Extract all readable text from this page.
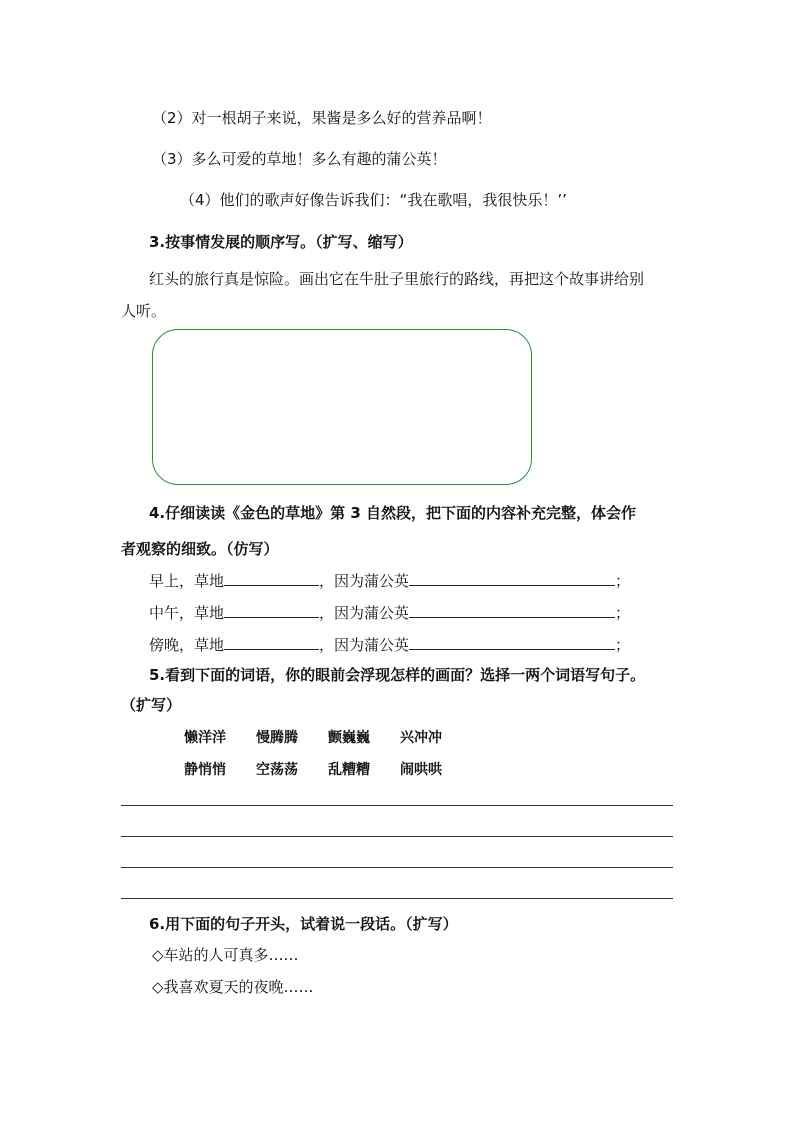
（2）对一根胡子来说，果酱是多么好的营养品啊！
（3）多么可爱的草地！多么有趣的蒲公英！
（4）他们的歌声好像告诉我们：“我在歌唱，我很快乐！’’
3.按事情发展的顺序写。（扩写、缩写）
红头的旅行真是惊险。画出它在牛肚子里旅行的路线，再把这个故事讲给别
人听。
4.仔细读读《金色的草地》第 3 自然段，把下面的内容补充完整，体会作
者观察的细致。（仿写）
早上，草地	，因为蒲公英	；
中午，草地	，因为蒲公英	；
傍晚，草地	，因为蒲公英	；
5.看到下面的词语，你的眼前会浮现怎样的画面？选择一两个词语写句子。
（扩写）
懒洋洋 慢腾腾 颤巍巍 兴冲冲
静悄悄 空荡荡 乱糟糟 闹哄哄
6.用下面的句子开头，试着说一段话。（扩写）
◇车站的人可真多……
◇我喜欢夏天的夜晚……
